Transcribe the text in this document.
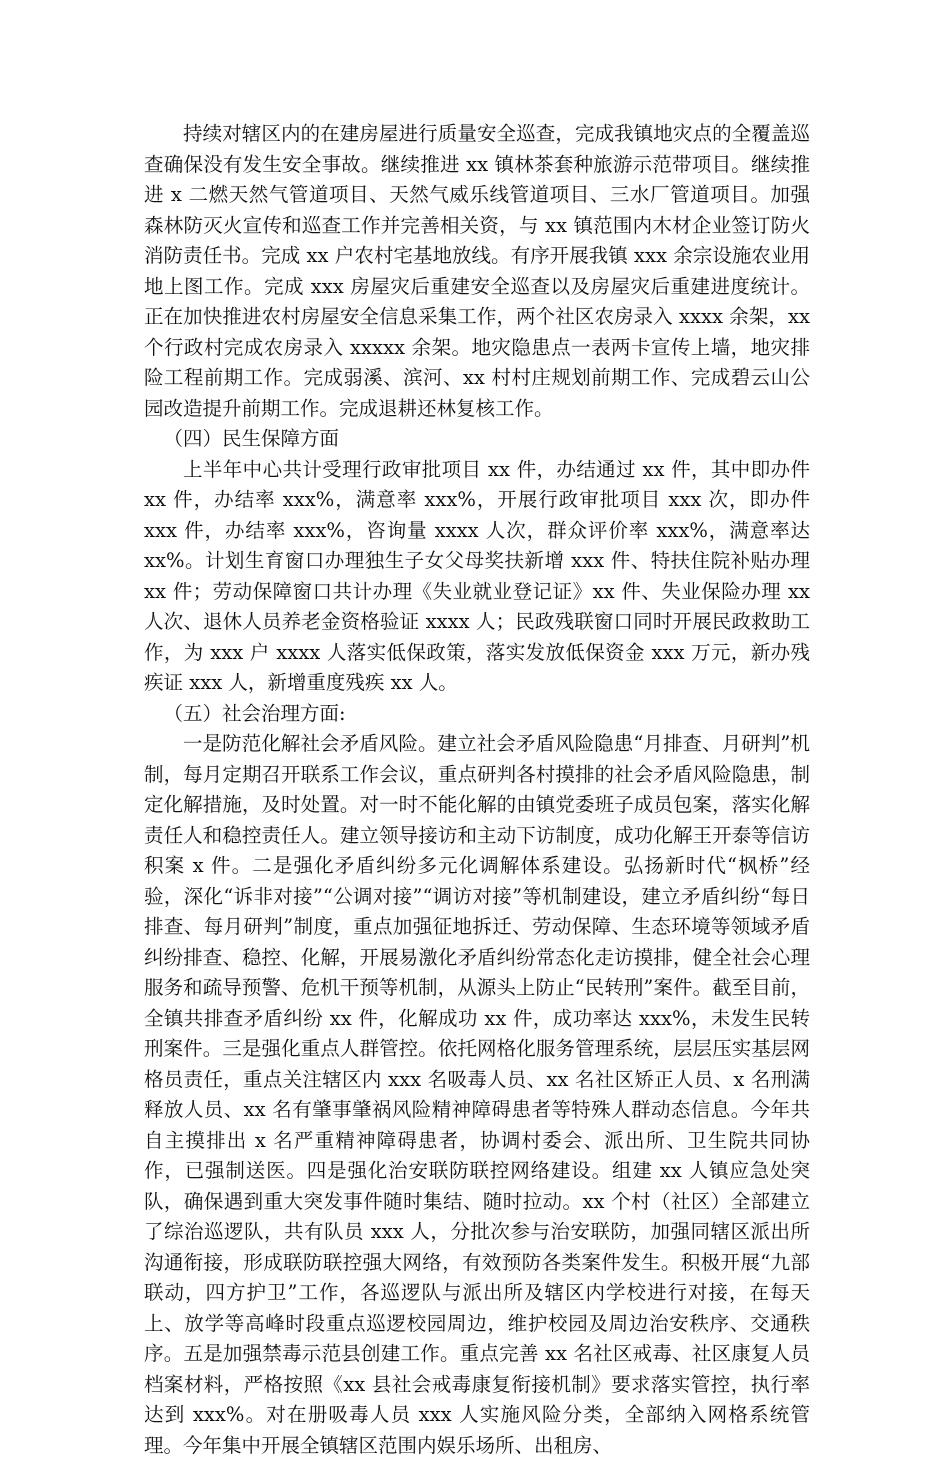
持续对辖区内的在建房屋进行质量安全巡查，完成我镇地灾点的全覆盖巡查确保没有发生安全事故。继续推进 xx 镇林茶套种旅游示范带项目。继续推进 x 二燃天然气管道项目、天然气威乐线管道项目、三水厂管道项目。加强森林防灭火宣传和巡查工作并完善相关资，与 xx 镇范围内木材企业签订防火消防责任书。完成 xx 户农村宅基地放线。有序开展我镇 xxx 余宗设施农业用地上图工作。完成 xxx 房屋灾后重建安全巡查以及房屋灾后重建进度统计。正在加快推进农村房屋安全信息采集工作，两个社区农房录入 xxxx 余架，xx 个行政村完成农房录入 xxxxx 余架。地灾隐患点一表两卡宣传上墙，地灾排险工程前期工作。完成弱溪、滨河、xx 村村庄规划前期工作、完成碧云山公园改造提升前期工作。完成退耕还林复核工作。

（四）民生保障方面

上半年中心共计受理行政审批项目 xx 件，办结通过 xx 件，其中即办件 xx 件，办结率 xxx%，满意率 xxx%，开展行政审批项目 xxx 次，即办件 xxx 件，办结率 xxx%，咨询量 xxxx 人次，群众评价率 xxx%，满意率达 xx%。计划生育窗口办理独生子女父母奖扶新增 xxx 件、特扶住院补贴办理 xx 件；劳动保障窗口共计办理《失业就业登记证》xx 件、失业保险办理 xx 人次、退休人员养老金资格验证 xxxx 人；民政残联窗口同时开展民政救助工作，为 xxx 户 xxxx 人落实低保政策，落实发放低保资金 xxx 万元，新办残疾证 xxx 人，新增重度残疾 xx 人。

（五）社会治理方面:

一是防范化解社会矛盾风险。建立社会矛盾风险隐患“月排查、月研判”机制，每月定期召开联系工作会议，重点研判各村摸排的社会矛盾风险隐患，制定化解措施，及时处置。对一时不能化解的由镇党委班子成员包案，落实化解责任人和稳控责任人。建立领导接访和主动下访制度，成功化解王开泰等信访积案 x 件。二是强化矛盾纠纷多元化调解体系建设。弘扬新时代“枫桥”经验，深化“诉非对接”“公调对接”“调访对接”等机制建设，建立矛盾纠纷“每日排查、每月研判”制度，重点加强征地拆迁、劳动保障、生态环境等领域矛盾纠纷排查、稳控、化解，开展易激化矛盾纠纷常态化走访摸排，健全社会心理服务和疏导预警、危机干预等机制，从源头上防止“民转刑”案件。截至目前，全镇共排查矛盾纠纷 xx 件，化解成功 xx 件，成功率达 xxx%，未发生民转刑案件。三是强化重点人群管控。依托网格化服务管理系统，层层压实基层网格员责任，重点关注辖区内 xxx 名吸毒人员、xx 名社区矫正人员、x 名刑满释放人员、xx 名有肇事肇祸风险精神障碍患者等特殊人群动态信息。今年共自主摸排出 x 名严重精神障碍患者，协调村委会、派出所、卫生院共同协作，已强制送医。四是强化治安联防联控网络建设。组建 xx 人镇应急处突队，确保遇到重大突发事件随时集结、随时拉动。xx 个村（社区）全部建立了综治巡逻队，共有队员 xxx 人，分批次参与治安联防，加强同辖区派出所沟通衔接，形成联防联控强大网络，有效预防各类案件发生。积极开展“九部联动，四方护卫”工作，各巡逻队与派出所及辖区内学校进行对接，在每天上、放学等高峰时段重点巡逻校园周边，维护校园及周边治安秩序、交通秩序。五是加强禁毒示范县创建工作。重点完善 xx 名社区戒毒、社区康复人员档案材料，严格按照《xx 县社会戒毒康复衔接机制》要求落实管控，执行率达到 xxx%。对在册吸毒人员 xxx 人实施风险分类，全部纳入网格系统管理。今年集中开展全镇辖区范围内娱乐场所、出租房、
